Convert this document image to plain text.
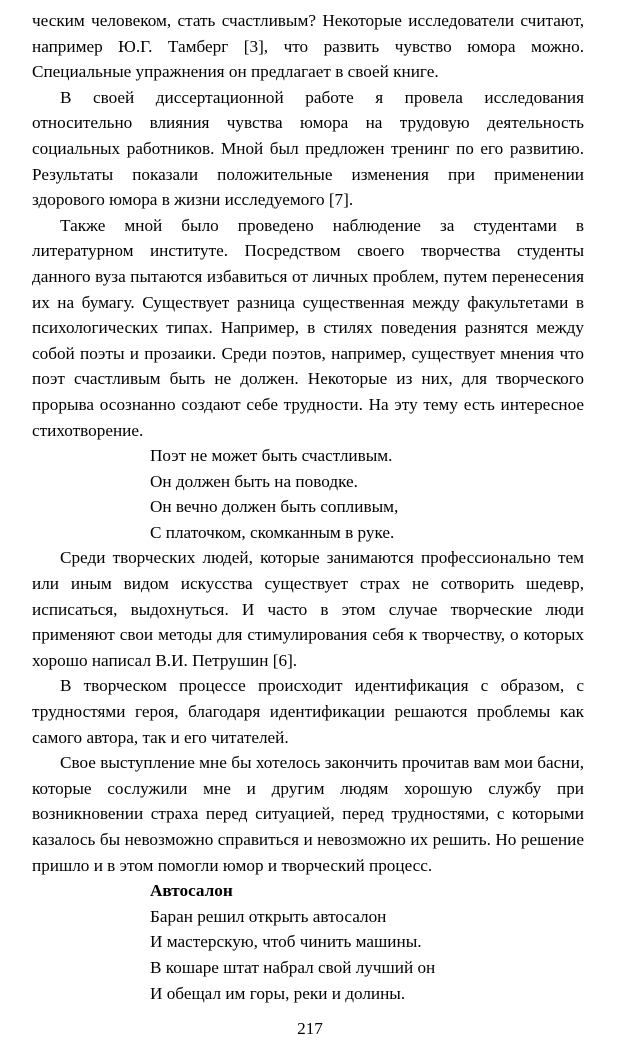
ческим человеком, стать счастливым? Некоторые исследователи считают, например Ю.Г. Тамберг [3], что развить чувство юмора можно. Специальные упражнения он предлагает в своей книге.

В своей диссертационной работе я провела исследования относительно влияния чувства юмора на трудовую деятельность социальных работников. Мной был предложен тренинг по его развитию. Результаты показали положительные изменения при применении здорового юмора в жизни исследуемого [7].

Также мной было проведено наблюдение за студентами в литературном институте. Посредством своего творчества студенты данного вуза пытаются избавиться от личных проблем, путем перенесения их на бумагу. Существует разница существенная между факультетами в психологических типах. Например, в стилях поведения разнятся между собой поэты и прозаики. Среди поэтов, например, существует мнения что поэт счастливым быть не должен. Некоторые из них, для творческого прорыва осознанно создают себе трудности. На эту тему есть интересное стихотворение.

Поэт не может быть счастливым.
Он должен быть на поводке.
Он вечно должен быть сопливым,
С платочком, скомканным в руке.

Среди творческих людей, которые занимаются профессионально тем или иным видом искусства существует страх не сотворить шедевр, исписаться, выдохнуться. И часто в этом случае творческие люди применяют свои методы для стимулирования себя к творчеству, о которых хорошо написал В.И. Петрушин [6].

В творческом процессе происходит идентификация с образом, с трудностями героя, благодаря идентификации решаются проблемы как самого автора, так и его читателей.

Свое выступление мне бы хотелось закончить прочитав вам мои басни, которые сослужили мне и другим людям хорошую службу при возникновении страха перед ситуацией, перед трудностями, с которыми казалось бы невозможно справиться и невозможно их решить. Но решение пришло и в этом помогли юмор и творческий процесс.

Автосалон
Баран решил открыть автосалон
И мастерскую, чтоб чинить машины.
В кошаре штат набрал свой лучший он
И обещал им горы, реки и долины.
217
